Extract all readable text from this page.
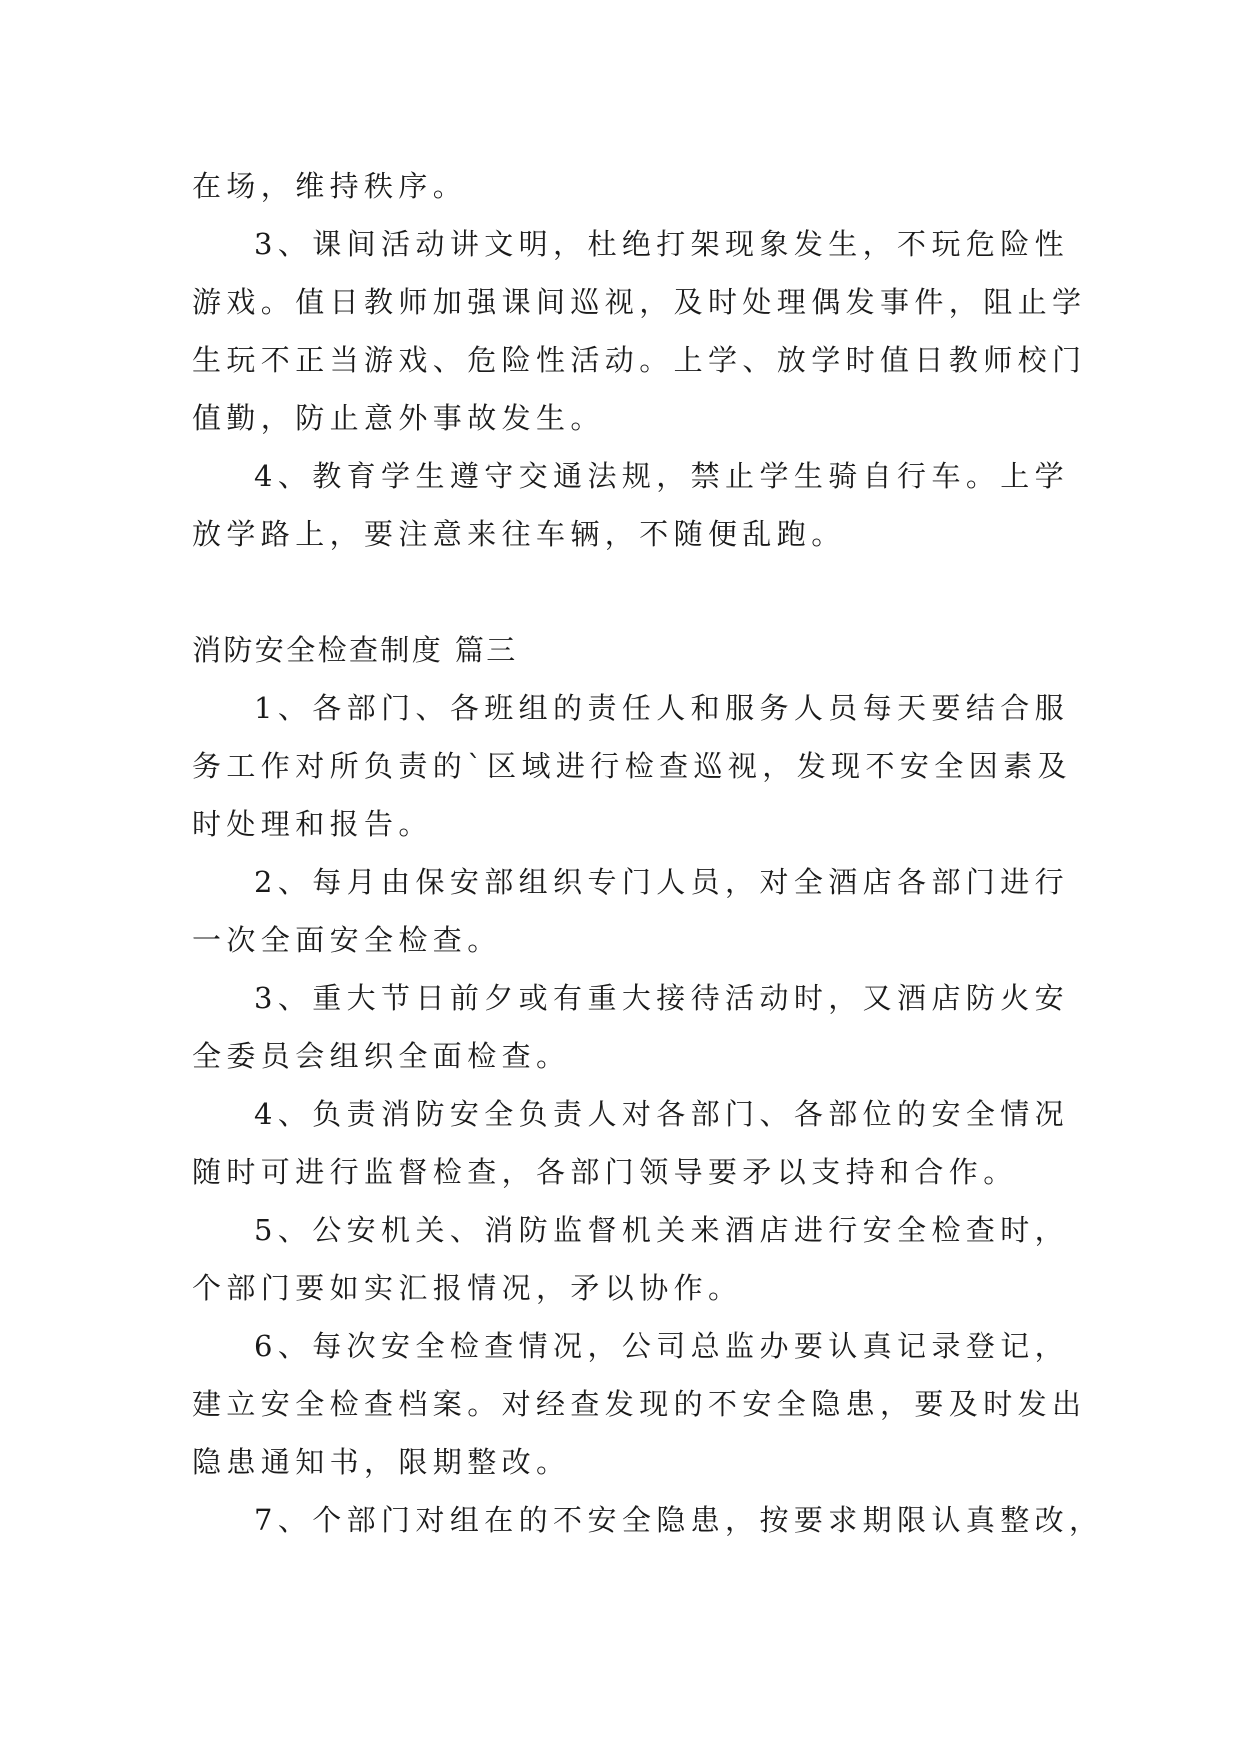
在场，维持秩序。
3、课间活动讲文明，杜绝打架现象发生，不玩危险性
游戏。值日教师加强课间巡视，及时处理偶发事件，阻止学
生玩不正当游戏、危险性活动。上学、放学时值日教师校门
值勤，防止意外事故发生。
4、教育学生遵守交通法规，禁止学生骑自行车。上学
放学路上，要注意来往车辆，不随便乱跑。
消防安全检查制度 篇三
1、各部门、各班组的责任人和服务人员每天要结合服
务工作对所负责的`区域进行检查巡视，发现不安全因素及
时处理和报告。
2、每月由保安部组织专门人员，对全酒店各部门进行
一次全面安全检查。
3、重大节日前夕或有重大接待活动时，又酒店防火安
全委员会组织全面检查。
4、负责消防安全负责人对各部门、各部位的安全情况
随时可进行监督检查，各部门领导要矛以支持和合作。
5、公安机关、消防监督机关来酒店进行安全检查时，
个部门要如实汇报情况，矛以协作。
6、每次安全检查情况，公司总监办要认真记录登记，
建立安全检查档案。对经查发现的不安全隐患，要及时发出
隐患通知书，限期整改。
7、个部门对组在的不安全隐患，按要求期限认真整改，
